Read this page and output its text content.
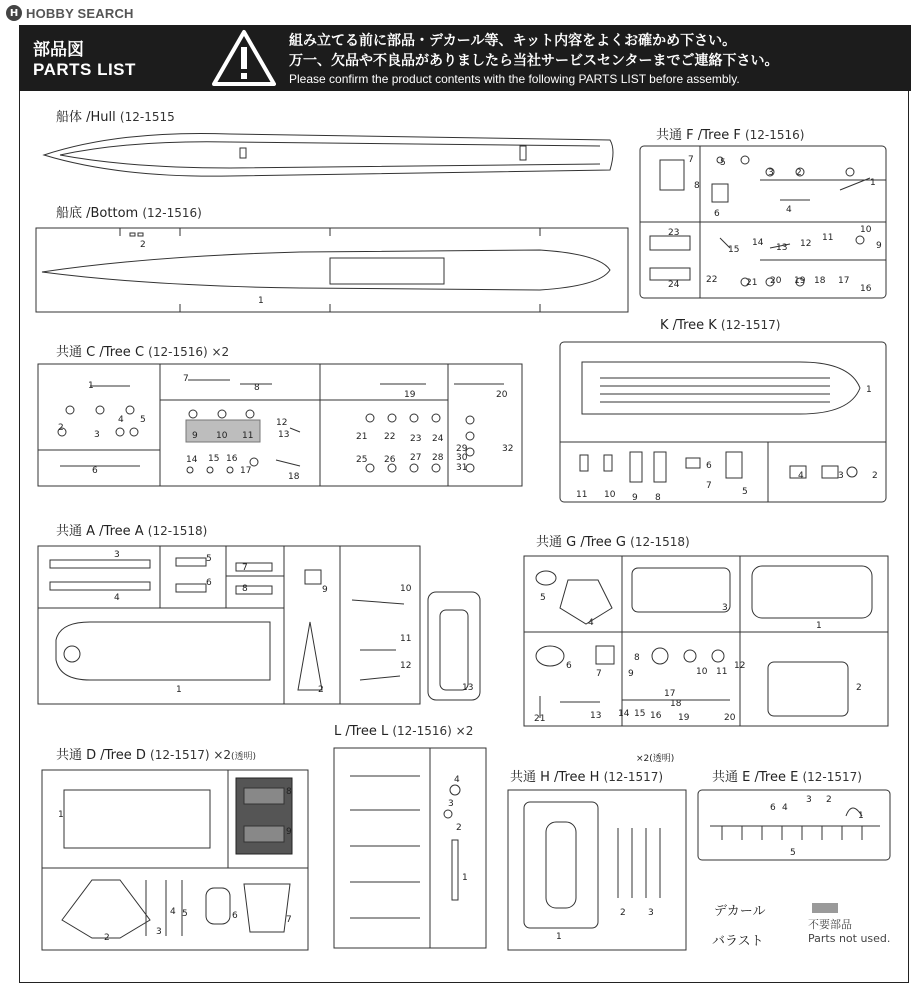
H HOBBY SEARCH
部品図
PARTS LIST
組み立てる前に部品・デカール等、キット内容をよくお確かめ下さい。
万一、欠品や不良品がありましたら当社サービスセンターまでご連絡下さい。
Please confirm the product contents with the following PARTS LIST before assembly.
船体 /Hull (12-1515
船底 /Bottom (12-1516)
共通 F /Tree F (12-1516)
K /Tree K (12-1517)
共通 C /Tree C (12-1516) ×2
共通 A /Tree A (12-1518)
共通 G /Tree G (12-1518)
共通 D /Tree D (12-1517) ×2(透明)
L /Tree L (12-1516) ×2
×2(透明)
共通 H /Tree H (12-1517)	共通 E /Tree E (12-1517)
1
2
1
2
3
4
5
6
7
8
9
10
11
12
13
14
15
16
17
18
19
20
21
22
23
24
1
2
3
4
5
6
7
8
9
10
11
1
2
3
4 5
6
7
8
9 10 11
12
13
14 15 16
17
18
19	20
21 22 23 24
25 26 27 28
29
30
31
32
1	2
3
4
5
6
7
8	9	10
11
12
13
1
2
3
4
5
6
7
8
9	10 11
12
13 14 15 16
17
18
19	20
21
1
2
3
4 5	6	7
8
9
1
2
3
4
1
2 3
1
2
3
4
5
6
デカール
バラスト
不要部品
Parts not used.
